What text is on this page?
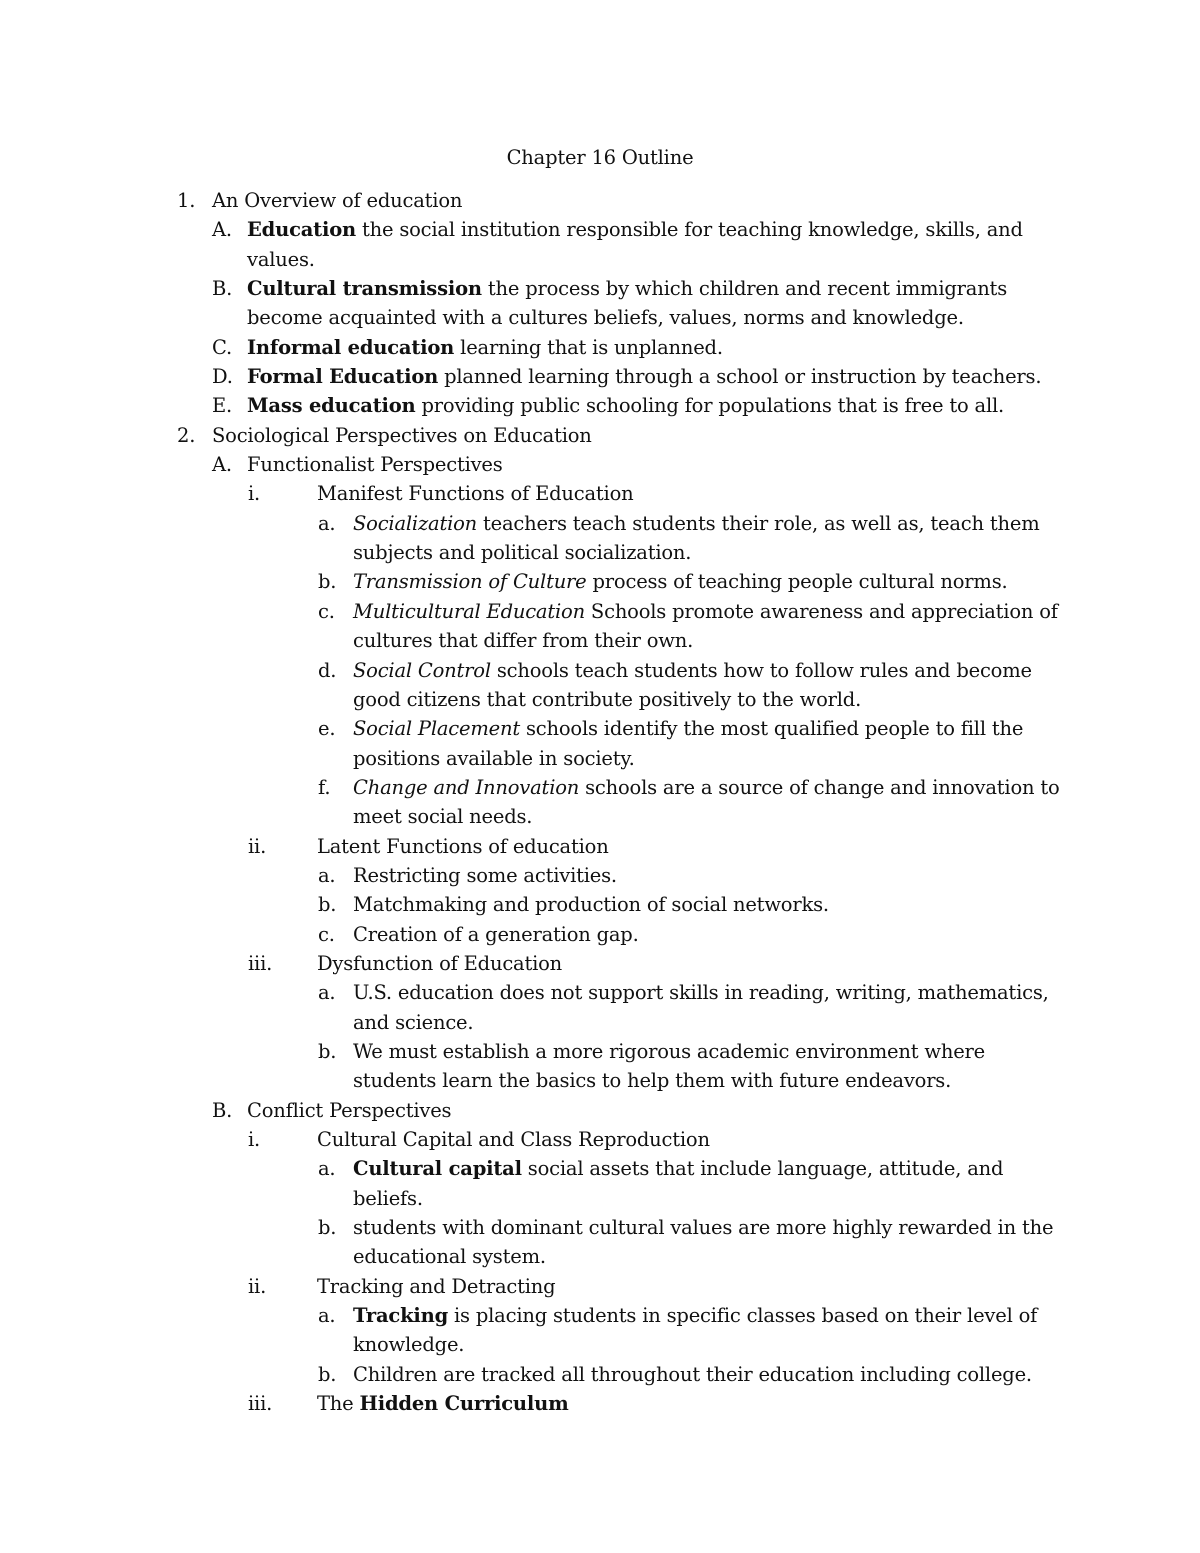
Chapter 16 Outline
1. An Overview of education
A. Education the social institution responsible for teaching knowledge, skills, and values.
B. Cultural transmission the process by which children and recent immigrants become acquainted with a cultures beliefs, values, norms and knowledge.
C. Informal education learning that is unplanned.
D. Formal Education planned learning through a school or instruction by teachers.
E. Mass education providing public schooling for populations that is free to all.
2. Sociological Perspectives on Education
A. Functionalist Perspectives
i.	Manifest Functions of Education
a. Socialization teachers teach students their role, as well as, teach them subjects and political socialization.
b. Transmission of Culture process of teaching people cultural norms.
c. Multicultural Education Schools promote awareness and appreciation of cultures that differ from their own.
d. Social Control schools teach students how to follow rules and become good citizens that contribute positively to the world.
e. Social Placement schools identify the most qualified people to fill the positions available in society.
f. Change and Innovation schools are a source of change and innovation to meet social needs.
ii.	Latent Functions of education
a. Restricting some activities.
b. Matchmaking and production of social networks.
c. Creation of a generation gap.
iii. Dysfunction of Education
a. U.S. education does not support skills in reading, writing, mathematics, and science.
b. We must establish a more rigorous academic environment where students learn the basics to help them with future endeavors.
B. Conflict Perspectives
i.	Cultural Capital and Class Reproduction
a. Cultural capital social assets that include language, attitude, and beliefs.
b. students with dominant cultural values are more highly rewarded in the educational system.
ii.	Tracking and Detracting
a. Tracking is placing students in specific classes based on their level of knowledge.
b. Children are tracked all throughout their education including college.
iii. The Hidden Curriculum
